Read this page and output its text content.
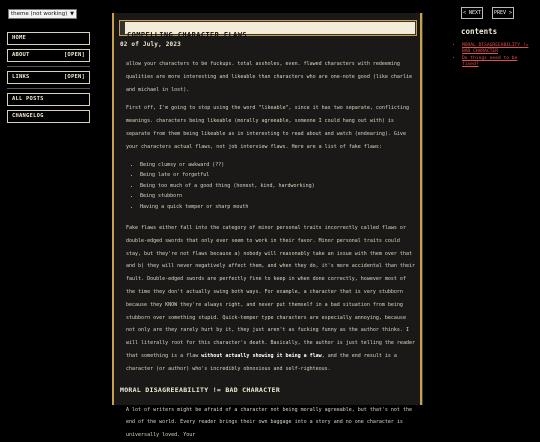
theme (not working) ▼
HOME
ABOUT	[OPEN]
LINKS	[OPEN]
ALL POSTS
CHANGELOG
COMPELLING CHARACTER FLAWS
02 of July, 2023

allow your characters to be fuckups. total assholes, even. flawed characters with redeeming qualities are more interesting and likeable than characters who are one-note good (like charlie and michael in lost).

First off, I'm going to stop using the word "likeable", since it has two separate, conflicting meanings. characters being likeable (morally agreeable, someone I could hang out with) is separate from them being likeable as in interesting to read about and watch (endearing). Give your characters actual flaws, not job interview flaws. Here are a list of fake flaws:

• Being clumsy or awkward (??)
• Being late or forgetful
• Being too much of a good thing (honest, kind, hardworking)
• Being stubborn
• Having a quick temper or sharp mouth

Fake flaws either fall into the category of minor personal traits incorrectly called flaws or double-edged swords that only ever seem to work in their favor. Minor personal traits could stay, but they're not flaws because a) nobody will reasonably take an issue with them over that and b) they will never negatively affect them, and when they do, it's more accidental than their fault. Double-edged swords are perfectly fine to keep in when done correctly, however most of the time they don't actually swing both ways. For example, a character that is very stubborn because they KNOW they're always right, and never put themself in a bad situation from being stubborn over something stupid. Quick-temper type characters are especially annoying, because not only are they rarely hurt by it, they just aren't as fucking funny as the author thinks. I will literally root for this character's death. Basically, the author is just telling the reader that something is a flaw without actually showing it being a flaw, and the end result is a character (or author) who's incredibly obnoxious and self-righteous.

MORAL DISAGREEABILITY != BAD CHARACTER

A lot of writers might be afraid of a character not being morally agreeable, but that's not the end of the world. Every reader brings their own baggage into a story and no one character is universally loved. Your

< NEXT	PREV >
contents
• MORAL DISAGREEABILITY != BAD CHARACTER
• Do things need to be fixed?
